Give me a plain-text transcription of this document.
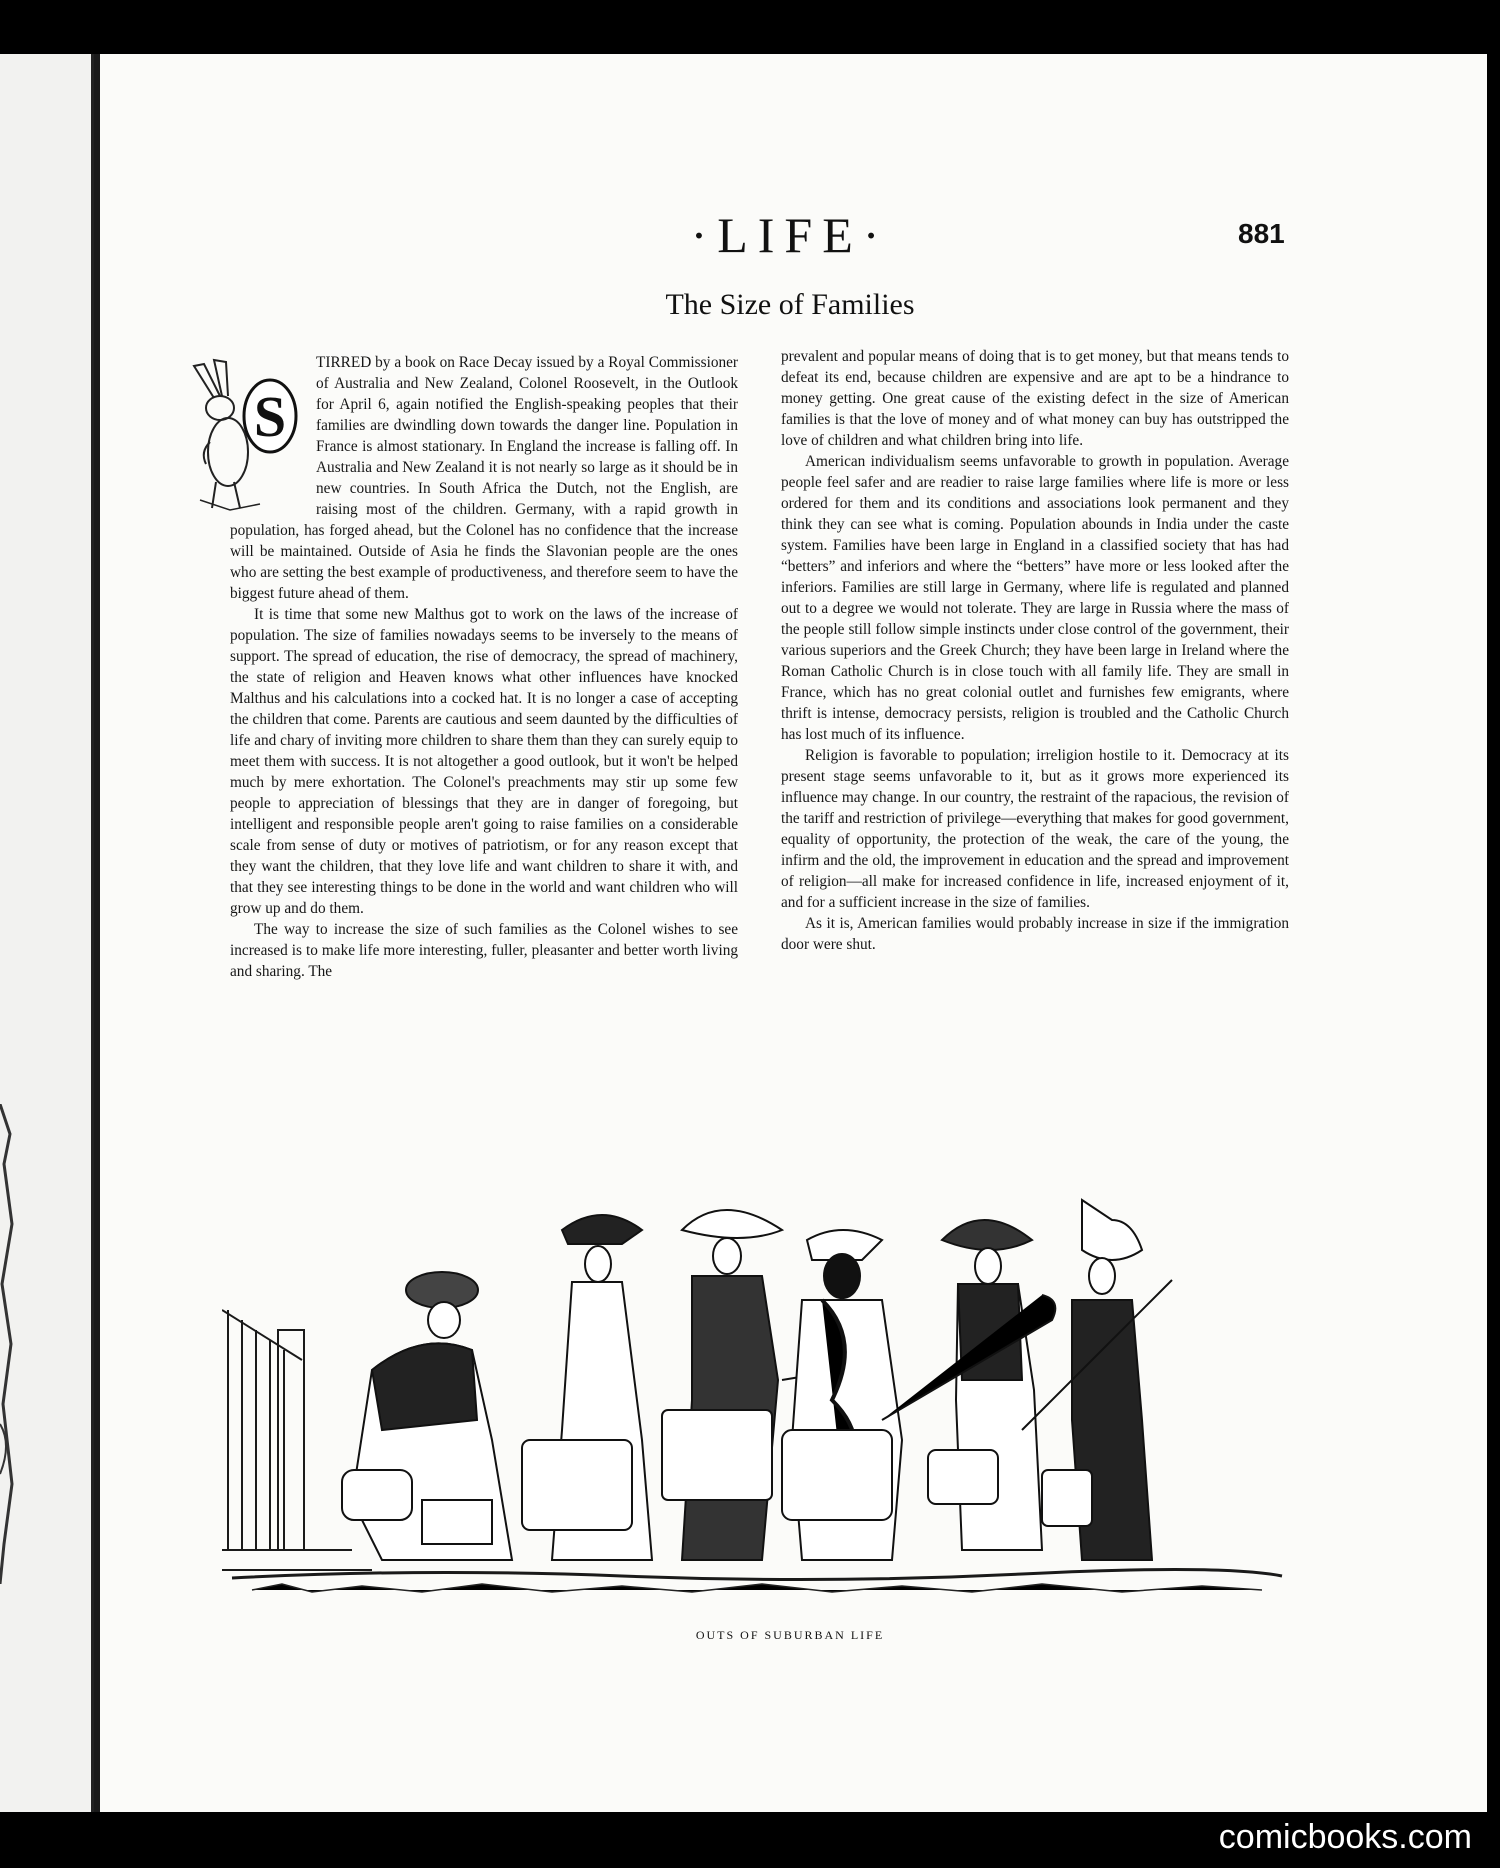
·LIFE·	881
The Size of Families
S

TIRRED by a book on Race Decay issued by a Royal Commissioner of Australia and New Zealand, Colonel Roosevelt, in the Outlook for April 6, again notified the English-speaking peoples that their families are dwindling down towards the danger line. Population in France is almost stationary. In England the increase is falling off. In Australia and New Zealand it is not nearly so large as it should be in new countries. In South Africa the Dutch, not the English, are raising most of the children. Germany, with a rapid growth in population, has forged ahead, but the Colonel has no confidence that the increase will be maintained. Outside of Asia he finds the Slavonian people are the ones who are setting the best example of productiveness, and therefore seem to have the biggest future ahead of them.

It is time that some new Malthus got to work on the laws of the increase of population. The size of families nowadays seems to be inversely to the means of support. The spread of education, the rise of democracy, the spread of machinery, the state of religion and Heaven knows what other influences have knocked Malthus and his calculations into a cocked hat. It is no longer a case of accepting the children that come. Parents are cautious and seem daunted by the difficulties of life and chary of inviting more children to share them than they can surely equip to meet them with success. It is not altogether a good outlook, but it won't be helped much by mere exhortation. The Colonel's preachments may stir up some few people to appreciation of blessings that they are in danger of foregoing, but intelligent and responsible people aren't going to raise families on a considerable scale from sense of duty or motives of patriotism, or for any reason except that they want the children, that they love life and want children to share it with, and that they see interesting things to be done in the world and want children who will grow up and do them.

The way to increase the size of such families as the Colonel wishes to see increased is to make life more interesting, fuller, pleasanter and better worth living and sharing. The

prevalent and popular means of doing that is to get money, but that means tends to defeat its end, because children are expensive and are apt to be a hindrance to money getting. One great cause of the existing defect in the size of American families is that the love of money and of what money can buy has outstripped the love of children and what children bring into life.

American individualism seems unfavorable to growth in population. Average people feel safer and are readier to raise large families where life is more or less ordered for them and its conditions and associations look permanent and they think they can see what is coming. Population abounds in India under the caste system. Families have been large in England in a classified society that has had “betters” and inferiors and where the “betters” have more or less looked after the inferiors. Families are still large in Germany, where life is regulated and planned out to a degree we would not tolerate. They are large in Russia where the mass of the people still follow simple instincts under close control of the government, their various superiors and the Greek Church; they have been large in Ireland where the Roman Catholic Church is in close touch with all family life. They are small in France, which has no great colonial outlet and furnishes few emigrants, where thrift is intense, democracy persists, religion is troubled and the Catholic Church has lost much of its influence.

Religion is favorable to population; irreligion hostile to it. Democracy at its present stage seems unfavorable to it, but as it grows more experienced its influence may change. In our country, the restraint of the rapacious, the revision of the tariff and restriction of privilege—everything that makes for good government, equality of opportunity, the protection of the weak, the care of the young, the infirm and the old, the improvement in education and the spread and improvement of religion—all make for increased confidence in life, increased enjoyment of it, and for a sufficient increase in the size of families.

As it is, American families would probably increase in size if the immigration door were shut.

OUTS OF SUBURBAN LIFE
comicbooks.com
